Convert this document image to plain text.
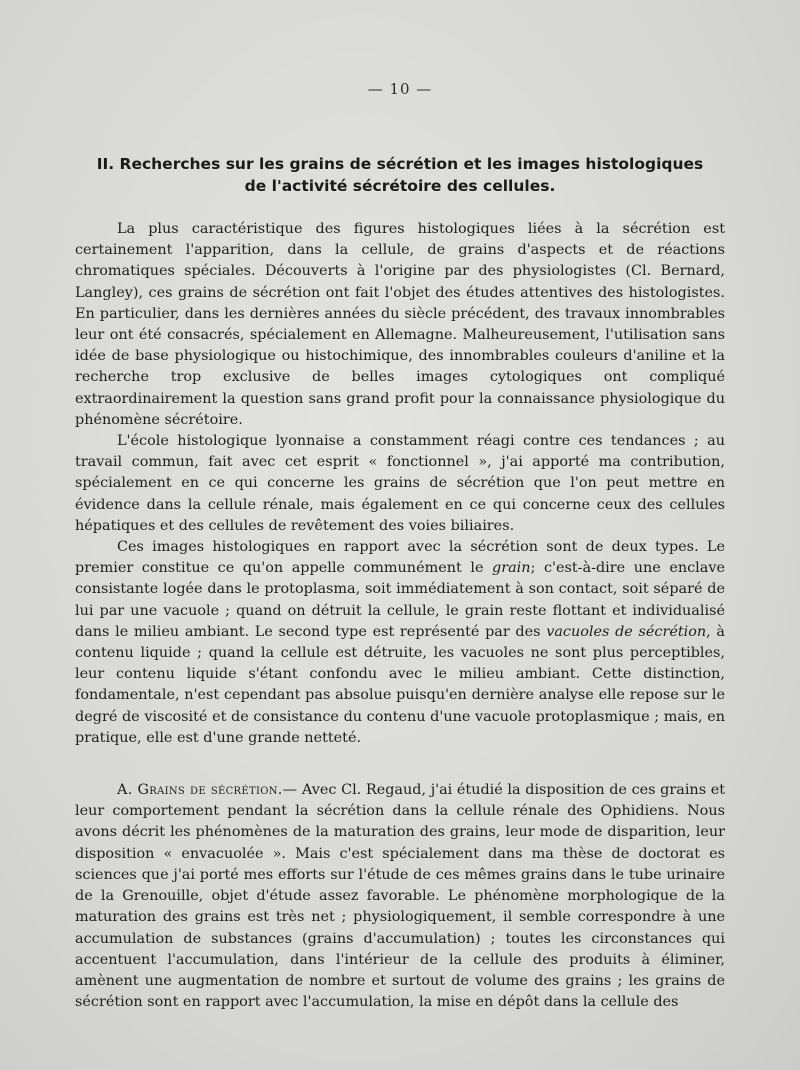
— 10 —
II. Recherches sur les grains de sécrétion et les images histologiques
de l'activité sécrétoire des cellules.

La plus caractéristique des figures histologiques liées à la sécrétion est certainement l'apparition, dans la cellule, de grains d'aspects et de réactions chromatiques spéciales. Découverts à l'origine par des physiologistes (Cl. Bernard, Langley), ces grains de sécrétion ont fait l'objet des études attentives des histologistes. En particulier, dans les dernières années du siècle précédent, des travaux innombrables leur ont été consacrés, spécialement en Allemagne. Malheureusement, l'utilisation sans idée de base physiologique ou histochimique, des innombrables couleurs d'aniline et la recherche trop exclusive de belles images cytologiques ont compliqué extraordinairement la question sans grand profit pour la connaissance physiologique du phénomène sécrétoire.

L'école histologique lyonnaise a constamment réagi contre ces tendances ; au travail commun, fait avec cet esprit « fonctionnel », j'ai apporté ma contribution, spécialement en ce qui concerne les grains de sécrétion que l'on peut mettre en évidence dans la cellule rénale, mais également en ce qui concerne ceux des cellules hépatiques et des cellules de revêtement des voies biliaires.

Ces images histologiques en rapport avec la sécrétion sont de deux types. Le premier constitue ce qu'on appelle communément le grain; c'est-à-dire une enclave consistante logée dans le protoplasma, soit immédiatement à son contact, soit séparé de lui par une vacuole ; quand on détruit la cellule, le grain reste flottant et individualisé dans le milieu ambiant. Le second type est représenté par des vacuoles de sécrétion, à contenu liquide ; quand la cellule est détruite, les vacuoles ne sont plus perceptibles, leur contenu liquide s'étant confondu avec le milieu ambiant. Cette distinction, fondamentale, n'est cependant pas absolue puisqu'en dernière analyse elle repose sur le degré de viscosité et de consistance du contenu d'une vacuole protoplasmique ; mais, en pratique, elle est d'une grande netteté.

A. Grains de sécrétion.— Avec Cl. Regaud, j'ai étudié la disposition de ces grains et leur comportement pendant la sécrétion dans la cellule rénale des Ophidiens. Nous avons décrit les phénomènes de la maturation des grains, leur mode de disparition, leur disposition « envacuolée ». Mais c'est spécialement dans ma thèse de doctorat es sciences que j'ai porté mes efforts sur l'étude de ces mêmes grains dans le tube urinaire de la Grenouille, objet d'étude assez favorable. Le phénomène morphologique de la maturation des grains est très net ; physiologiquement, il semble correspondre à une accumulation de substances (grains d'accumulation) ; toutes les circonstances qui accentuent l'accumulation, dans l'intérieur de la cellule des produits à éliminer, amènent une augmentation de nombre et surtout de volume des grains ; les grains de sécrétion sont en rapport avec l'accumulation, la mise en dépôt dans la cellule des
